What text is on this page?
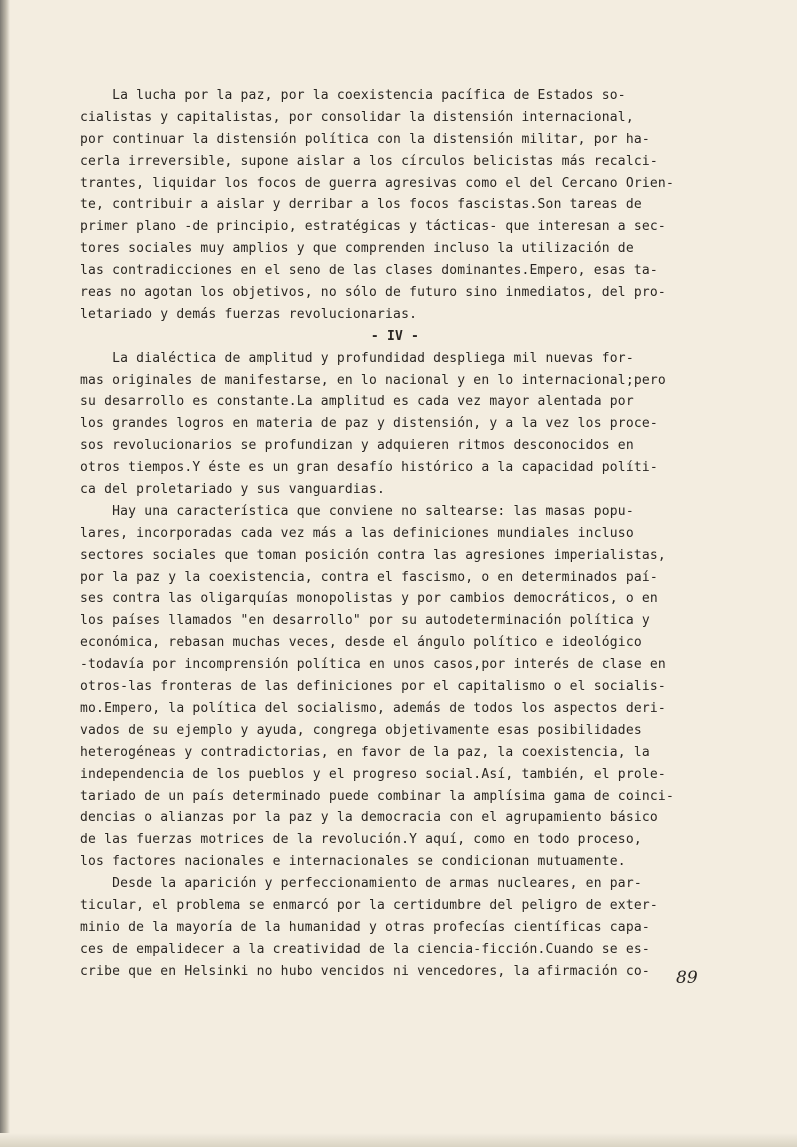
La lucha por la paz, por la coexistencia pacífica de Estados so-
cialistas y capitalistas, por consolidar la distensión internacional,
por continuar la distensión política con la distensión militar, por ha-
cerla irreversible, supone aislar a los círculos belicistas más recalci-
trantes, liquidar los focos de guerra agresivas como el del Cercano Orien-
te, contribuir a aislar y derribar a los focos fascistas.Son tareas de
primer plano -de principio, estratégicas y tácticas- que interesan a sec-
tores sociales muy amplios y que comprenden incluso la utilización de
las contradicciones en el seno de las clases dominantes.Empero, esas ta-
reas no agotan los objetivos, no sólo de futuro sino inmediatos, del pro-
letariado y demás fuerzas revolucionarias.
- IV -
La dialéctica de amplitud y profundidad despliega mil nuevas for-
mas originales de manifestarse, en lo nacional y en lo internacional;pero
su desarrollo es constante.La amplitud es cada vez mayor alentada por
los grandes logros en materia de paz y distensión, y a la vez los proce-
sos revolucionarios se profundizan y adquieren ritmos desconocidos en
otros tiempos.Y éste es un gran desafío histórico a la capacidad políti-
ca del proletariado y sus vanguardias.
Hay una característica que conviene no saltearse: las masas popu-
lares, incorporadas cada vez más a las definiciones mundiales incluso
sectores sociales que toman posición contra las agresiones imperialistas,
por la paz y la coexistencia, contra el fascismo, o en determinados paí-
ses contra las oligarquías monopolistas y por cambios democráticos, o en
los países llamados "en desarrollo" por su autodeterminación política y
económica, rebasan muchas veces, desde el ángulo político e ideológico
-todavía por incomprensión política en unos casos,por interés de clase en
otros-las fronteras de las definiciones por el capitalismo o el socialis-
mo.Empero, la política del socialismo, además de todos los aspectos deri-
vados de su ejemplo y ayuda, congrega objetivamente esas posibilidades
heterogéneas y contradictorias, en favor de la paz, la coexistencia, la
independencia de los pueblos y el progreso social.Así, también, el prole-
tariado de un país determinado puede combinar la amplísima gama de coinci-
dencias o alianzas por la paz y la democracia con el agrupamiento básico
de las fuerzas motrices de la revolución.Y aquí, como en todo proceso,
los factores nacionales e internacionales se condicionan mutuamente.
Desde la aparición y perfeccionamiento de armas nucleares, en par-
ticular, el problema se enmarcó por la certidumbre del peligro de exter-
minio de la mayoría de la humanidad y otras profecías científicas capa-
ces de empalidecer a la creatividad de la ciencia-ficción.Cuando se es-
cribe que en Helsinki no hubo vencidos ni vencedores, la afirmación co-	89
